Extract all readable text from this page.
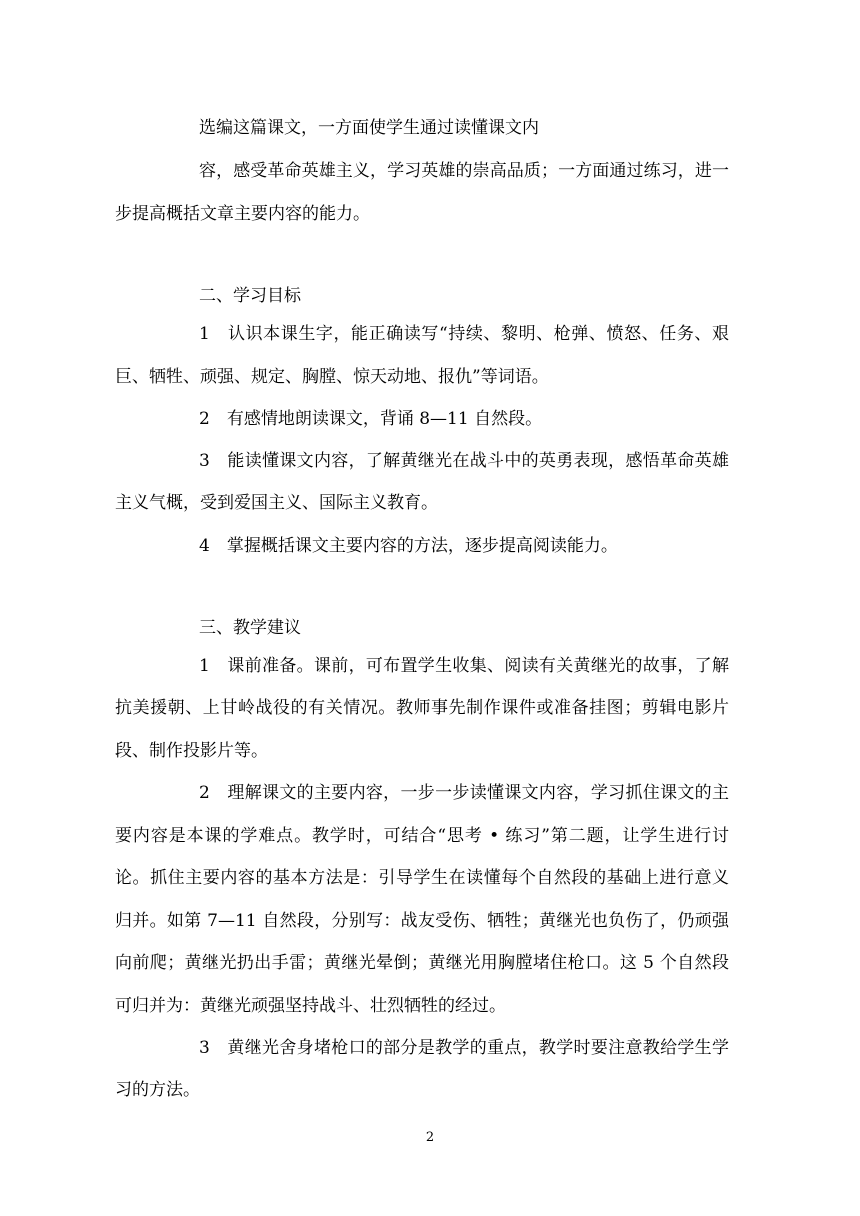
选编这篇课文，一方面使学生通过读懂课文内
容，感受革命英雄主义，学习英雄的崇高品质；一方面通过练习，进一
步提高概括文章主要内容的能力。
二、学习目标
1　认识本课生字，能正确读写“持续、黎明、枪弹、愤怒、任务、艰
巨、牺牲、顽强、规定、胸膛、惊天动地、报仇”等词语。
2　有感情地朗读课文，背诵 8—11 自然段。
3　能读懂课文内容，了解黄继光在战斗中的英勇表现，感悟革命英雄
主义气概，受到爱国主义、国际主义教育。
4　掌握概括课文主要内容的方法，逐步提高阅读能力。
三、教学建议
1　课前准备。课前，可布置学生收集、阅读有关黄继光的故事，了解
抗美援朝、上甘岭战役的有关情况。教师事先制作课件或准备挂图；剪辑电影片
段、制作投影片等。
2　理解课文的主要内容，一步一步读懂课文内容，学习抓住课文的主
要内容是本课的学难点。教学时，可结合“思考 • 练习”第二题，让学生进行讨
论。抓住主要内容的基本方法是：引导学生在读懂每个自然段的基础上进行意义
归并。如第 7—11 自然段，分别写：战友受伤、牺牲；黄继光也负伤了，仍顽强
向前爬；黄继光扔出手雷；黄继光晕倒；黄继光用胸膛堵住枪口。这 5 个自然段
可归并为：黄继光顽强坚持战斗、壮烈牺牲的经过。
3　黄继光舍身堵枪口的部分是教学的重点，教学时要注意教给学生学
习的方法。
2
